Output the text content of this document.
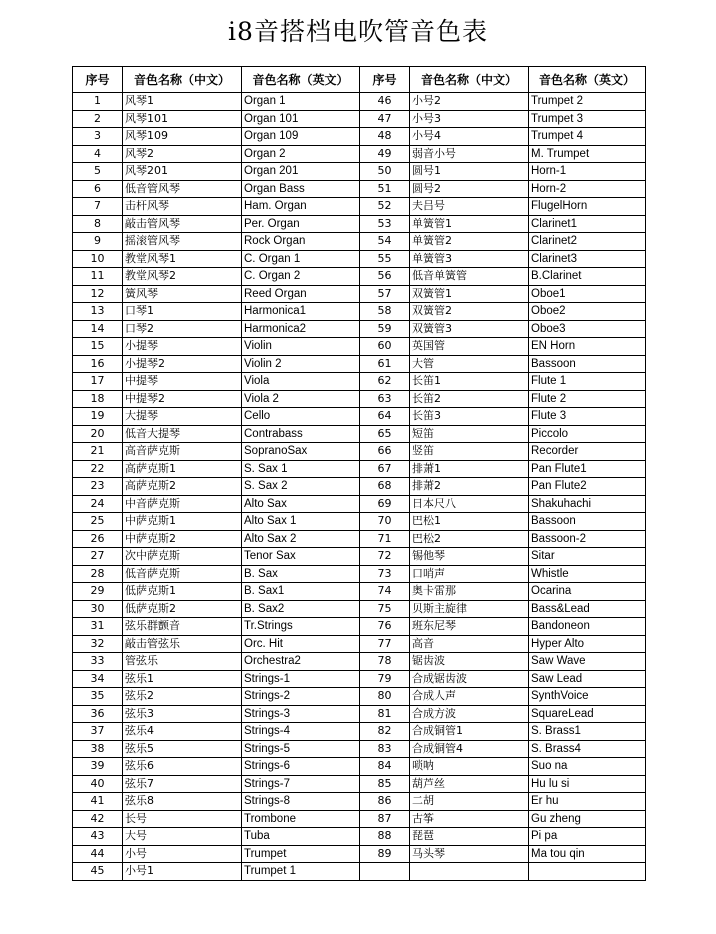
i8音搭档电吹管音色表
序号	音色名称（中文）	音色名称（英文）	序号	音色名称（中文）	音色名称（英文）
1	风琴1	Organ 1	46	小号2	Trumpet 2
2	风琴101	Organ 101	47	小号3	Trumpet 3
3	风琴109	Organ 109	48	小号4	Trumpet 4
4	风琴2	Organ 2	49	弱音小号	M. Trumpet
5	风琴201	Organ 201	50	圆号1	Horn-1
6	低音管风琴	Organ Bass	51	圆号2	Horn-2
7	击杆风琴	Ham. Organ	52	夫吕号	FlugelHorn
8	敲击管风琴	Per. Organ	53	单簧管1	Clarinet1
9	摇滚管风琴	Rock Organ	54	单簧管2	Clarinet2
10	教堂风琴1	C. Organ 1	55	单簧管3	Clarinet3
11	教堂风琴2	C. Organ 2	56	低音单簧管	B.Clarinet
12	簧风琴	Reed Organ	57	双簧管1	Oboe1
13	口琴1	Harmonica1	58	双簧管2	Oboe2
14	口琴2	Harmonica2	59	双簧管3	Oboe3
15	小提琴	Violin	60	英国管	EN Horn
16	小提琴2	Violin 2	61	大管	Bassoon
17	中提琴	Viola	62	长笛1	Flute 1
18	中提琴2	Viola 2	63	长笛2	Flute 2
19	大提琴	Cello	64	长笛3	Flute 3
20	低音大提琴	Contrabass	65	短笛	Piccolo
21	高音萨克斯	SopranoSax	66	竖笛	Recorder
22	高萨克斯1	S. Sax 1	67	排萧1	Pan Flute1
23	高萨克斯2	S. Sax 2	68	排萧2	Pan Flute2
24	中音萨克斯	Alto Sax	69	日本尺八	Shakuhachi
25	中萨克斯1	Alto Sax 1	70	巴松1	Bassoon
26	中萨克斯2	Alto Sax 2	71	巴松2	Bassoon-2
27	次中萨克斯	Tenor Sax	72	锡他琴	Sitar
28	低音萨克斯	B. Sax	73	口哨声	Whistle
29	低萨克斯1	B. Sax1	74	奥卡雷那	Ocarina
30	低萨克斯2	B. Sax2	75	贝斯主旋律	Bass&Lead
31	弦乐群颤音	Tr.Strings	76	班东尼琴	Bandoneon
32	敲击管弦乐	Orc. Hit	77	高音	Hyper Alto
33	管弦乐	Orchestra2	78	锯齿波	Saw Wave
34	弦乐1	Strings-1	79	合成锯齿波	Saw Lead
35	弦乐2	Strings-2	80	合成人声	SynthVoice
36	弦乐3	Strings-3	81	合成方波	SquareLead
37	弦乐4	Strings-4	82	合成铜管1	S. Brass1
38	弦乐5	Strings-5	83	合成铜管4	S. Brass4
39	弦乐6	Strings-6	84	唢呐	Suo na
40	弦乐7	Strings-7	85	葫芦丝	Hu lu si
41	弦乐8	Strings-8	86	二胡	Er hu
42	长号	Trombone	87	古筝	Gu zheng
43	大号	Tuba	88	琵琶	Pi pa
44	小号	Trumpet	89	马头琴	Ma tou qin
45	小号1	Trumpet 1			
